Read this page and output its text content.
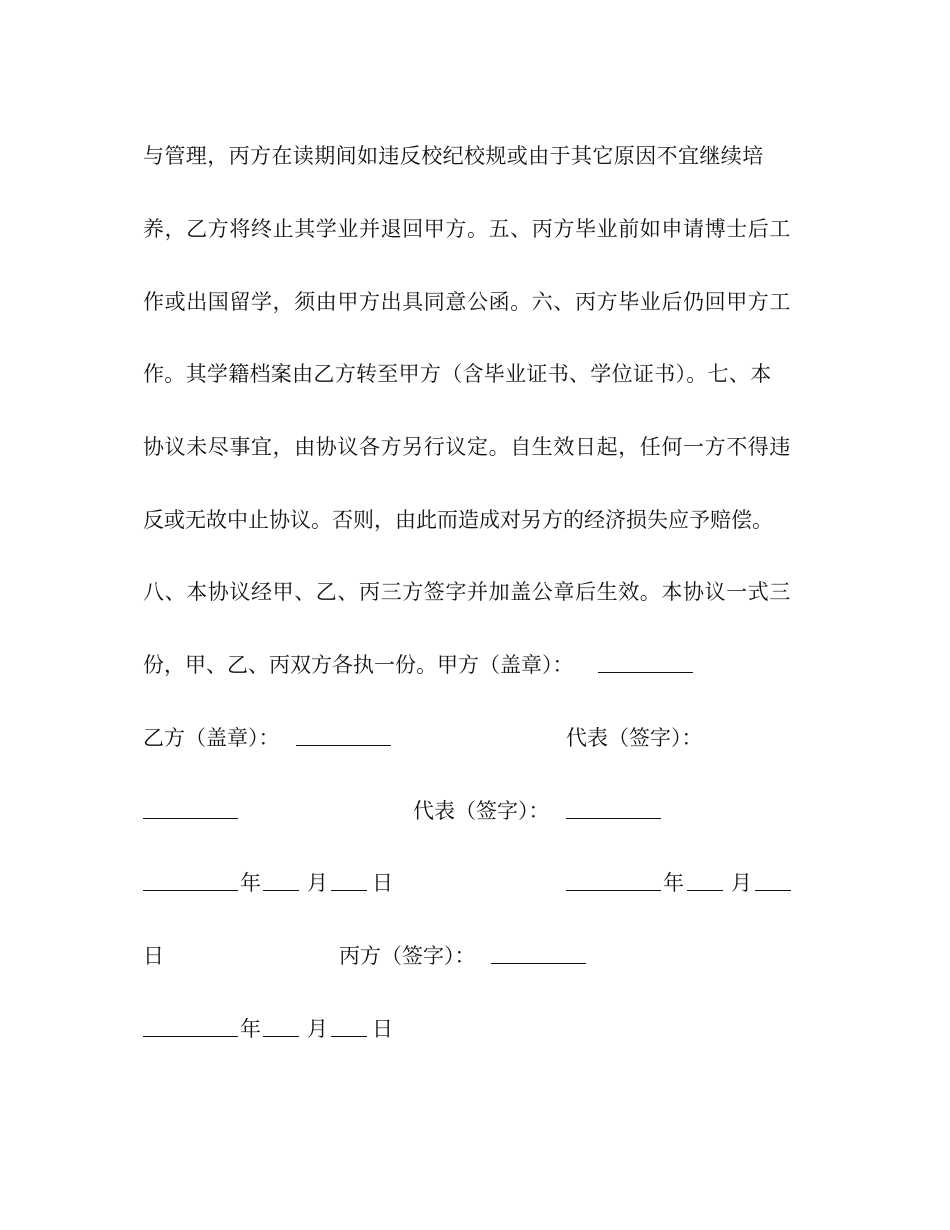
与管理，丙方在读期间如违反校纪校规或由于其它原因不宜继续培
养，乙方将终止其学业并退回甲方。五、丙方毕业前如申请博士后工
作或出国留学，须由甲方出具同意公函。六、丙方毕业后仍回甲方工
作。其学籍档案由乙方转至甲方（含毕业证书、学位证书）。七、本
协议未尽事宜，由协议各方另行议定。自生效日起，任何一方不得违
反或无故中止协议。否则，由此而造成对另方的经济损失应予赔偿。
八、本协议经甲、乙、丙三方签字并加盖公章后生效。本协议一式三
份，甲、乙、丙双方各执一份。甲方（盖章）：
乙方（盖章）：	代表（签字）：
代表（签字）：
年 月 日	年 月
日	丙方（签字）：
年 月 日
